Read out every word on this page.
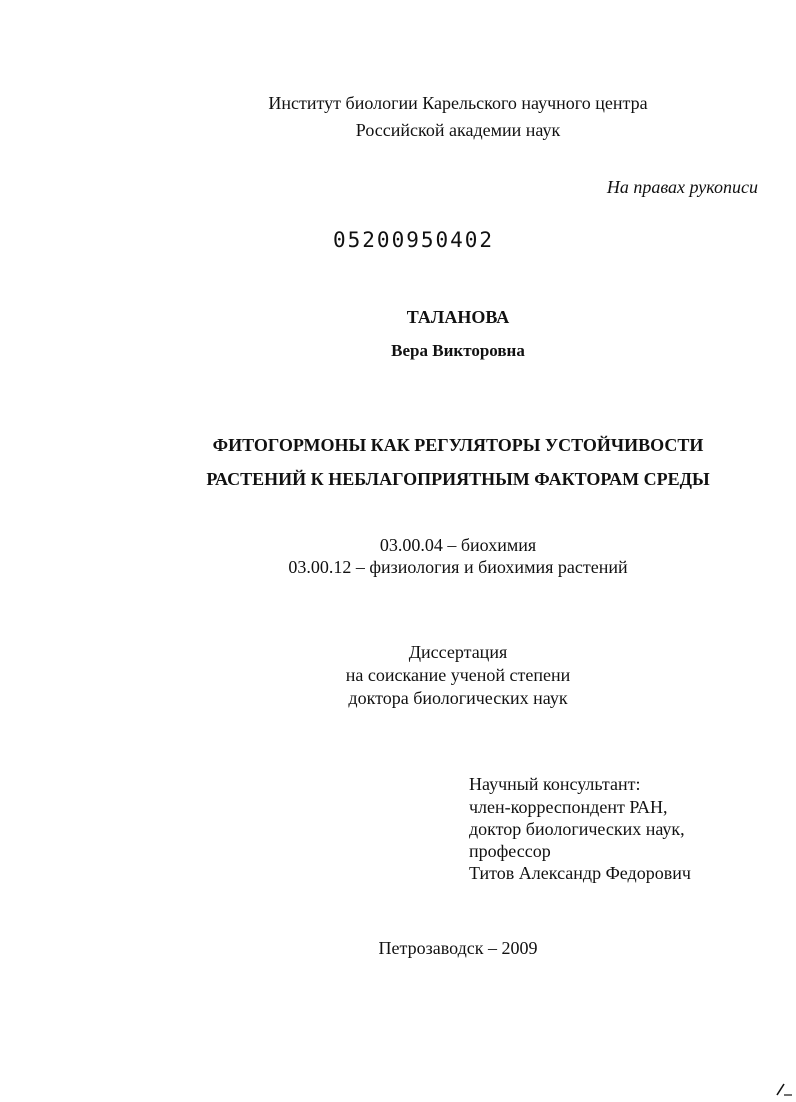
Институт биологии Карельского научного центра
Российской академии наук
На правах рукописи
05200950402
ТАЛАНОВА
Вера Викторовна
ФИТОГОРМОНЫ КАК РЕГУЛЯТОРЫ УСТОЙЧИВОСТИ
РАСТЕНИЙ К НЕБЛАГОПРИЯТНЫМ ФАКТОРАМ СРЕДЫ
03.00.04 – биохимия
03.00.12 – физиология и биохимия растений
Диссертация
на соискание ученой степени
доктора биологических наук
Научный консультант:
член-корреспондент РАН,
доктор биологических наук,
профессор
Титов Александр Федорович
Петрозаводск – 2009
